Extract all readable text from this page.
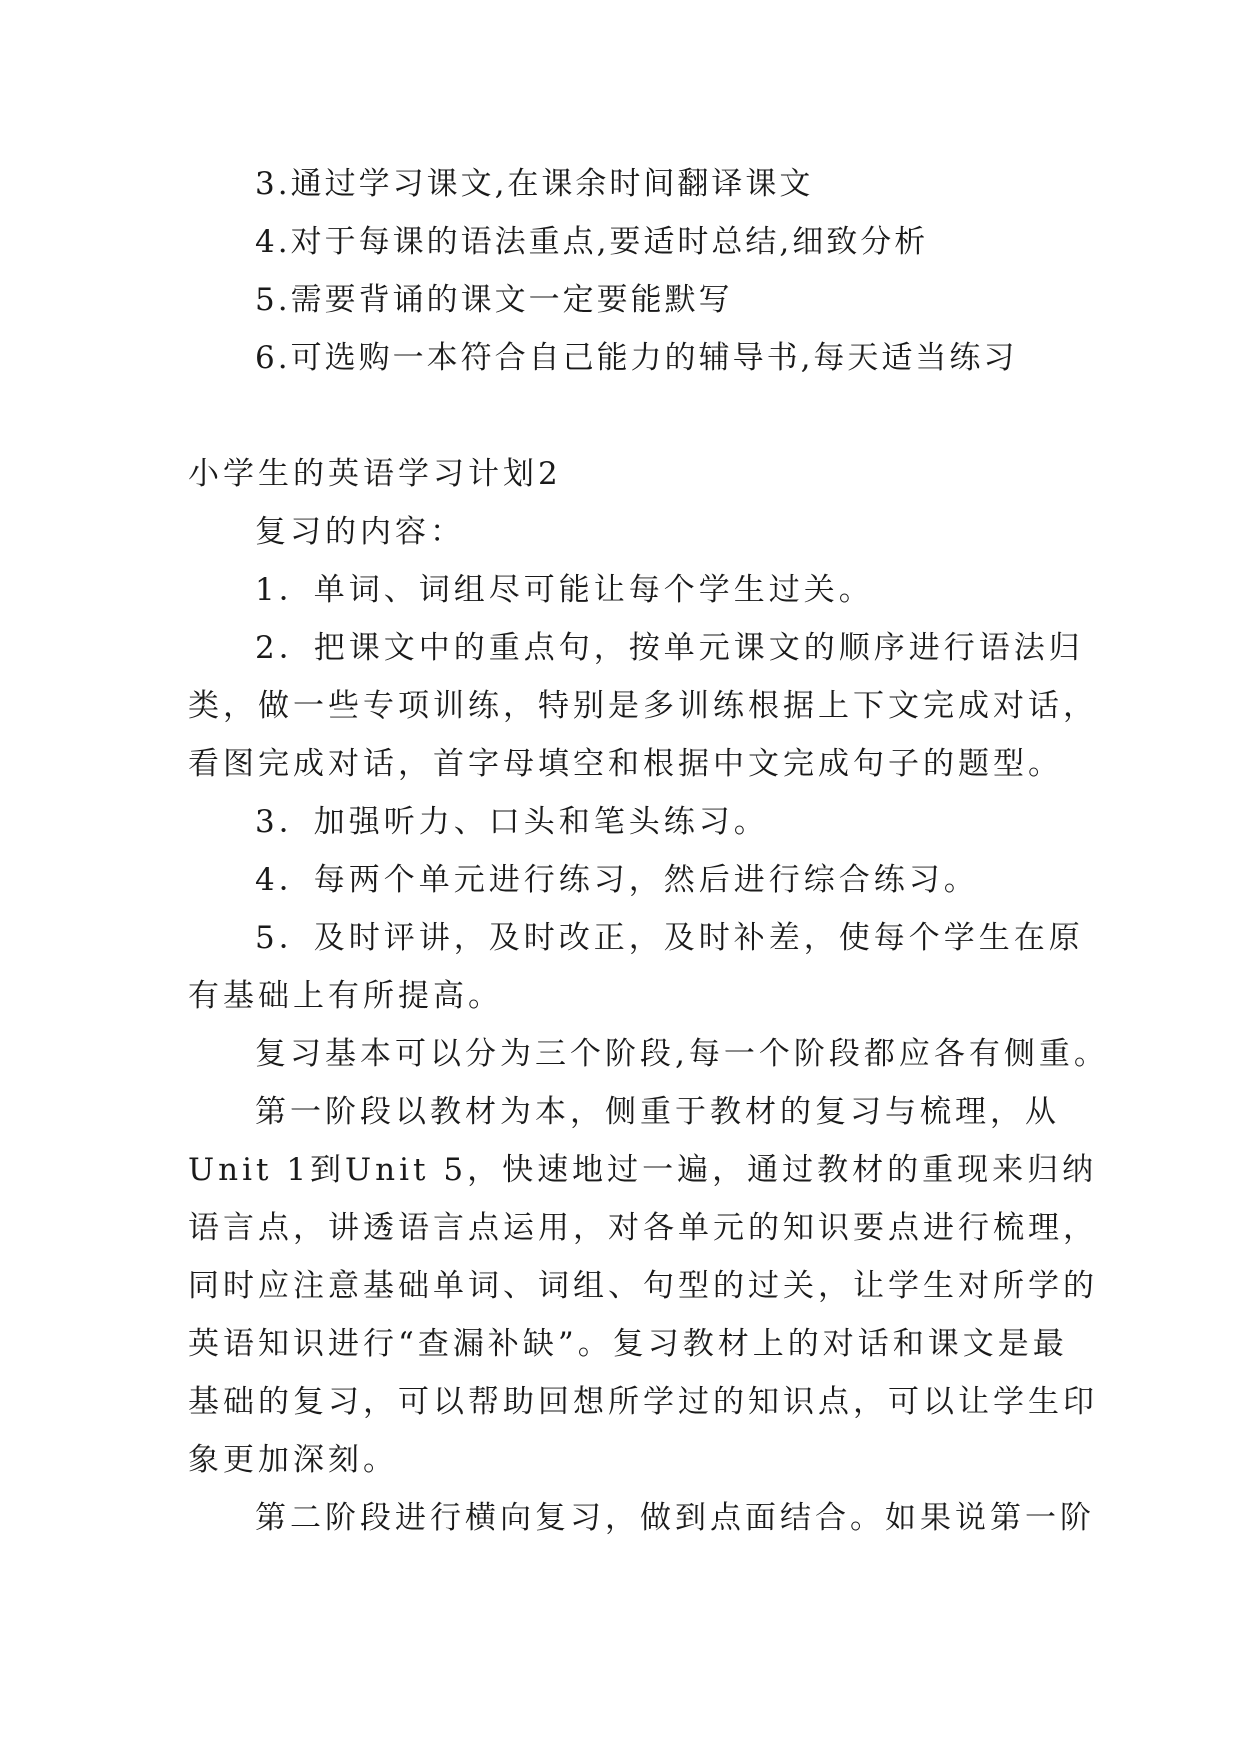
3.通过学习课文,在课余时间翻译课文
4.对于每课的语法重点,要适时总结,细致分析
5.需要背诵的课文一定要能默写
6.可选购一本符合自己能力的辅导书,每天适当练习
小学生的英语学习计划2
复习的内容：
1．单词、词组尽可能让每个学生过关。
2．把课文中的重点句，按单元课文的顺序进行语法归
类，做一些专项训练，特别是多训练根据上下文完成对话，
看图完成对话，首字母填空和根据中文完成句子的题型。
3．加强听力、口头和笔头练习。
4．每两个单元进行练习，然后进行综合练习。
5．及时评讲，及时改正，及时补差，使每个学生在原
有基础上有所提高。
复习基本可以分为三个阶段,每一个阶段都应各有侧重。
第一阶段以教材为本，侧重于教材的复习与梳理，从
Unit 1到Unit 5，快速地过一遍，通过教材的重现来归纳
语言点，讲透语言点运用，对各单元的知识要点进行梳理，
同时应注意基础单词、词组、句型的过关，让学生对所学的
英语知识进行“查漏补缺”。复习教材上的对话和课文是最
基础的复习，可以帮助回想所学过的知识点，可以让学生印
象更加深刻。
第二阶段进行横向复习，做到点面结合。如果说第一阶
